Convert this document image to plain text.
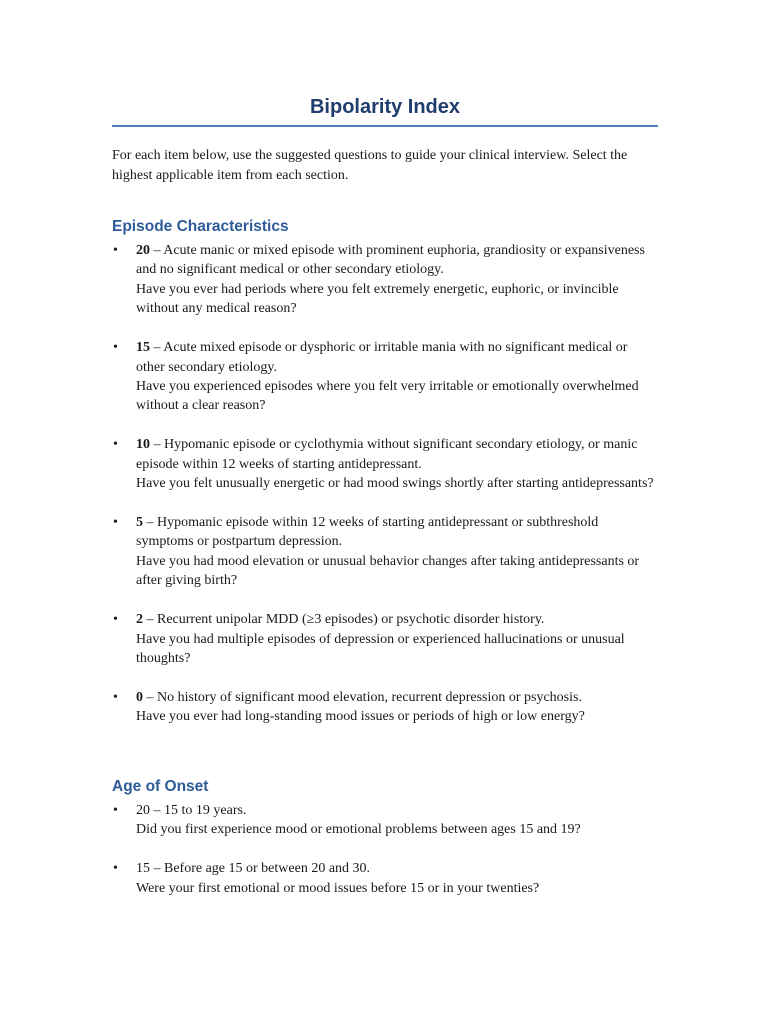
Bipolarity Index

For each item below, use the suggested questions to guide your clinical interview. Select the highest applicable item from each section.

Episode Characteristics
• 20 – Acute manic or mixed episode with prominent euphoria, grandiosity or expansiveness and no significant medical or other secondary etiology.

Have you ever had periods where you felt extremely energetic, euphoric, or invincible without any medical reason?

• 15 – Acute mixed episode or dysphoric or irritable mania with no significant medical or other secondary etiology.

Have you experienced episodes where you felt very irritable or emotionally overwhelmed without a clear reason?

• 10 – Hypomanic episode or cyclothymia without significant secondary etiology, or manic episode within 12 weeks of starting antidepressant.

Have you felt unusually energetic or had mood swings shortly after starting antidepressants?

• 5 – Hypomanic episode within 12 weeks of starting antidepressant or subthreshold symptoms or postpartum depression.

Have you had mood elevation or unusual behavior changes after taking antidepressants or after giving birth?

• 2 – Recurrent unipolar MDD (≥3 episodes) or psychotic disorder history.

Have you had multiple episodes of depression or experienced hallucinations or unusual thoughts?

• 0 – No history of significant mood elevation, recurrent depression or psychosis.

Have you ever had long-standing mood issues or periods of high or low energy?

Age of Onset
• 20 – 15 to 19 years.

Did you first experience mood or emotional problems between ages 15 and 19?

• 15 – Before age 15 or between 20 and 30.

Were your first emotional or mood issues before 15 or in your twenties?
